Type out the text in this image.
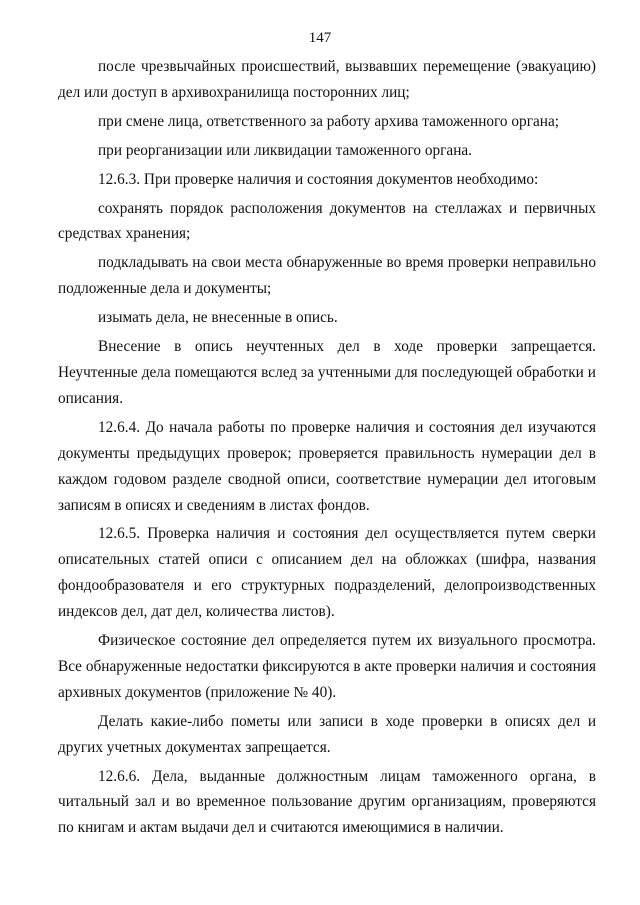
147

после чрезвычайных происшествий, вызвавших перемещение (эвакуацию) дел или доступ в архивохранилища посторонних лиц;

при смене лица, ответственного за работу архива таможенного органа;

при реорганизации или ликвидации таможенного органа.

12.6.3. При проверке наличия и состояния документов необходимо:

сохранять порядок расположения документов на стеллажах и первичных средствах хранения;

подкладывать на свои места обнаруженные во время проверки неправильно подложенные дела и документы;

изымать дела, не внесенные в опись.

Внесение в опись неучтенных дел в ходе проверки запрещается. Неучтенные дела помещаются вслед за учтенными для последующей обработки и описания.

12.6.4. До начала работы по проверке наличия и состояния дел изучаются документы предыдущих проверок; проверяется правильность нумерации дел в каждом годовом разделе сводной описи, соответствие нумерации дел итоговым записям в описях и сведениям в листах фондов.

12.6.5. Проверка наличия и состояния дел осуществляется путем сверки описательных статей описи с описанием дел на обложках (шифра, названия фондообразователя и его структурных подразделений, делопроизводственных индексов дел, дат дел, количества листов).

Физическое состояние дел определяется путем их визуального просмотра. Все обнаруженные недостатки фиксируются в акте проверки наличия и состояния архивных документов (приложение № 40).

Делать какие-либо пометы или записи в ходе проверки в описях дел и других учетных документах запрещается.

12.6.6. Дела, выданные должностным лицам таможенного органа, в читальный зал и во временное пользование другим организациям, проверяются по книгам и актам выдачи дел и считаются имеющимися в наличии.
